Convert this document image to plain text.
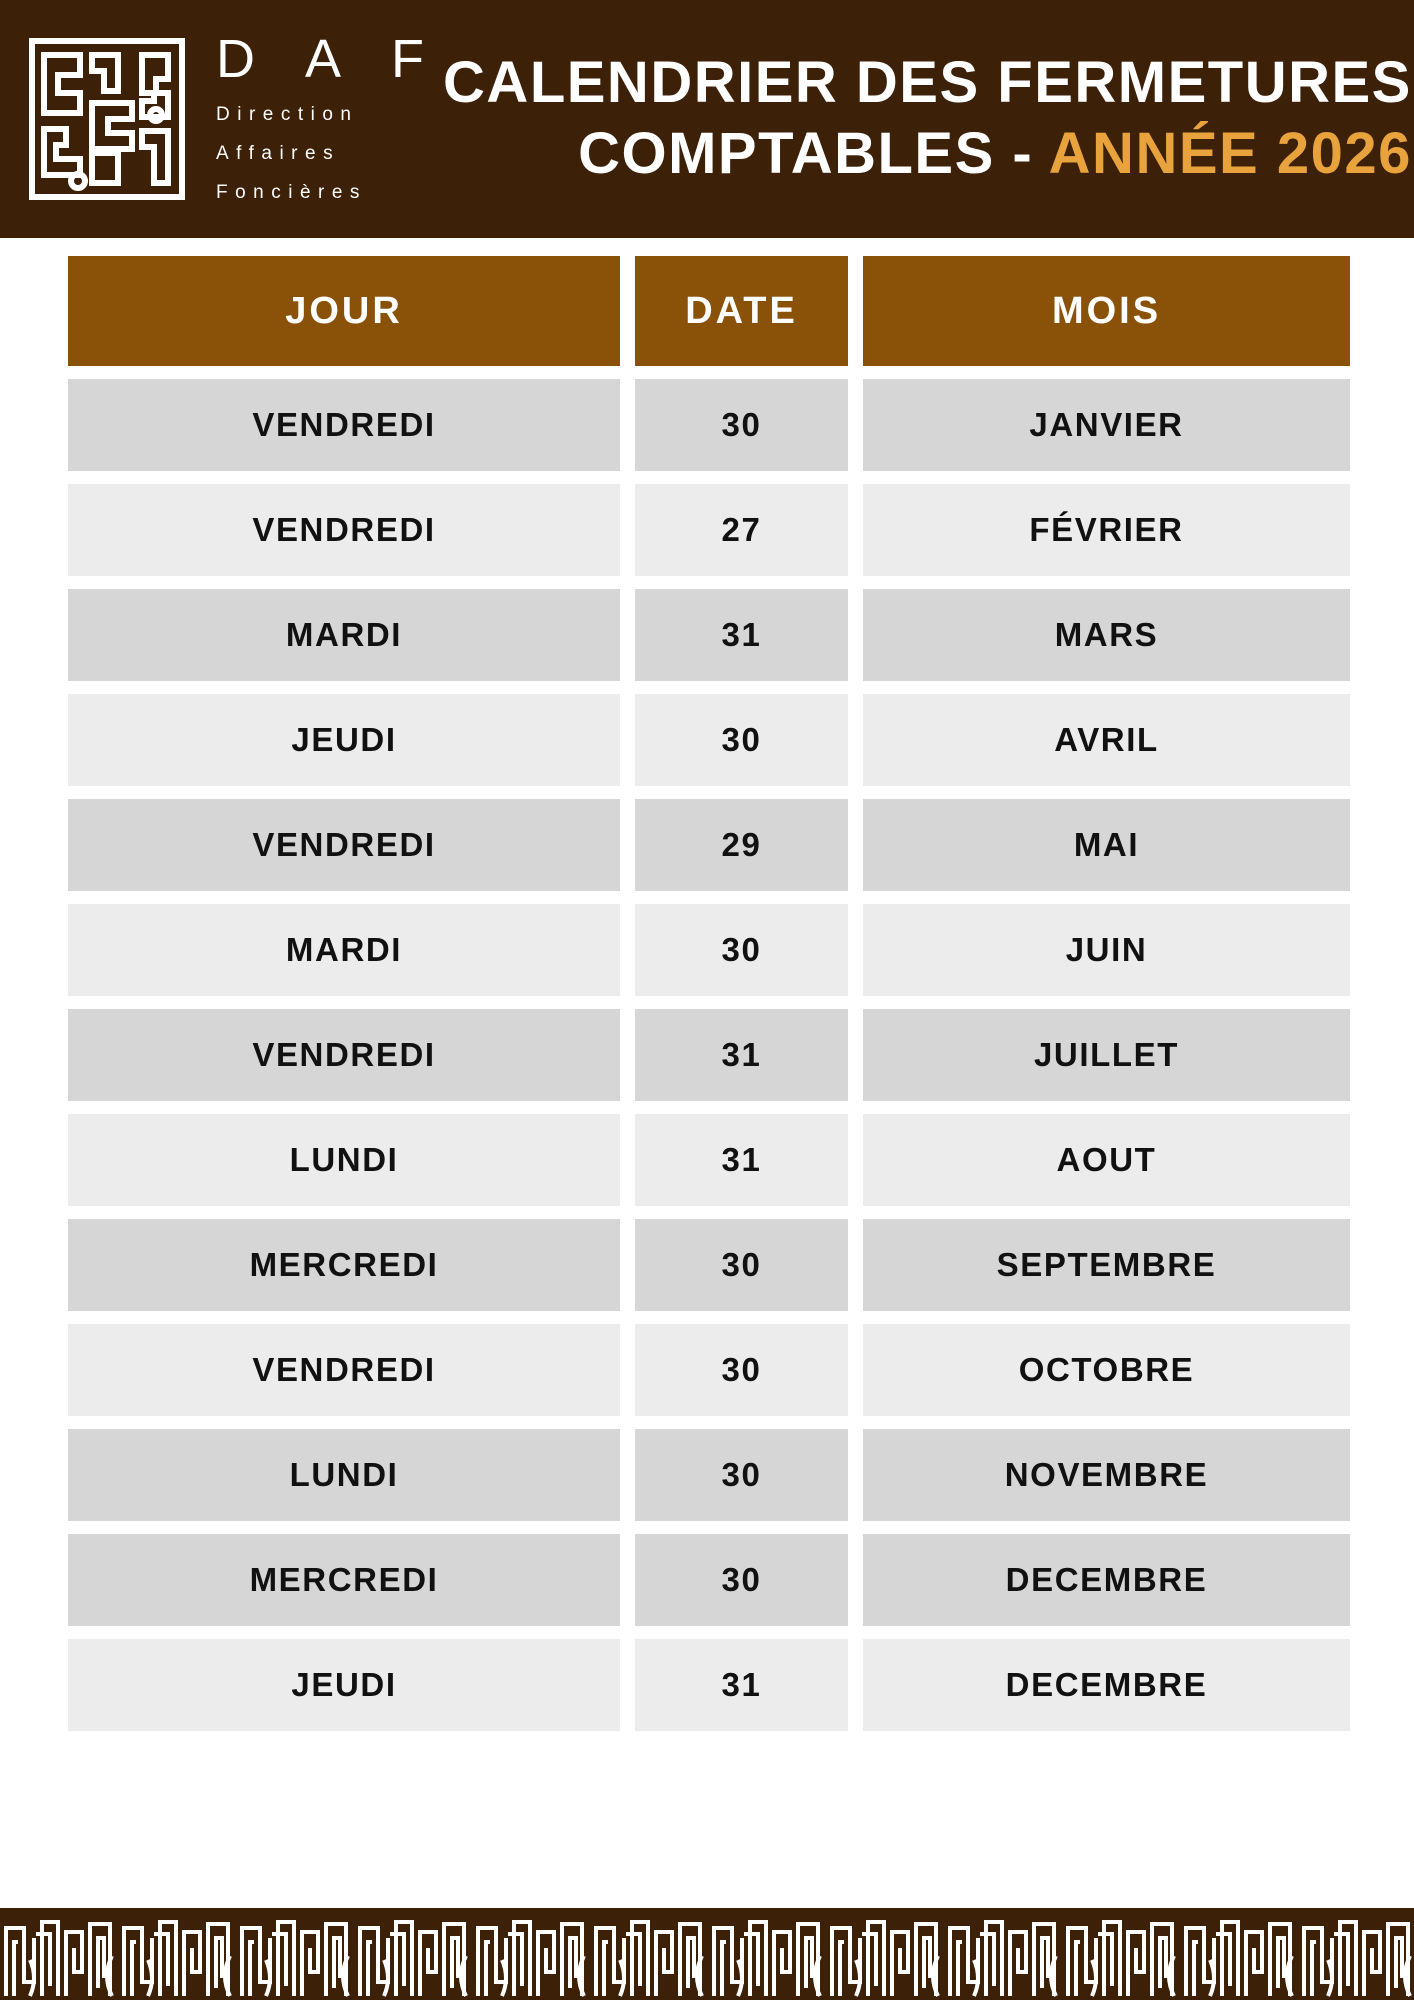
D A F
Direction
Affaires
Foncières
CALENDRIER DES FERMETURES
COMPTABLES - ANNÉE 2026
JOUR	DATE	MOIS
VENDREDI	30	JANVIER
VENDREDI	27	FÉVRIER
MARDI	31	MARS
JEUDI	30	AVRIL
VENDREDI	29	MAI
MARDI	30	JUIN
VENDREDI	31	JUILLET
LUNDI	31	AOUT
MERCREDI	30	SEPTEMBRE
VENDREDI	30	OCTOBRE
LUNDI	30	NOVEMBRE
MERCREDI	30	DECEMBRE
JEUDI	31	DECEMBRE
